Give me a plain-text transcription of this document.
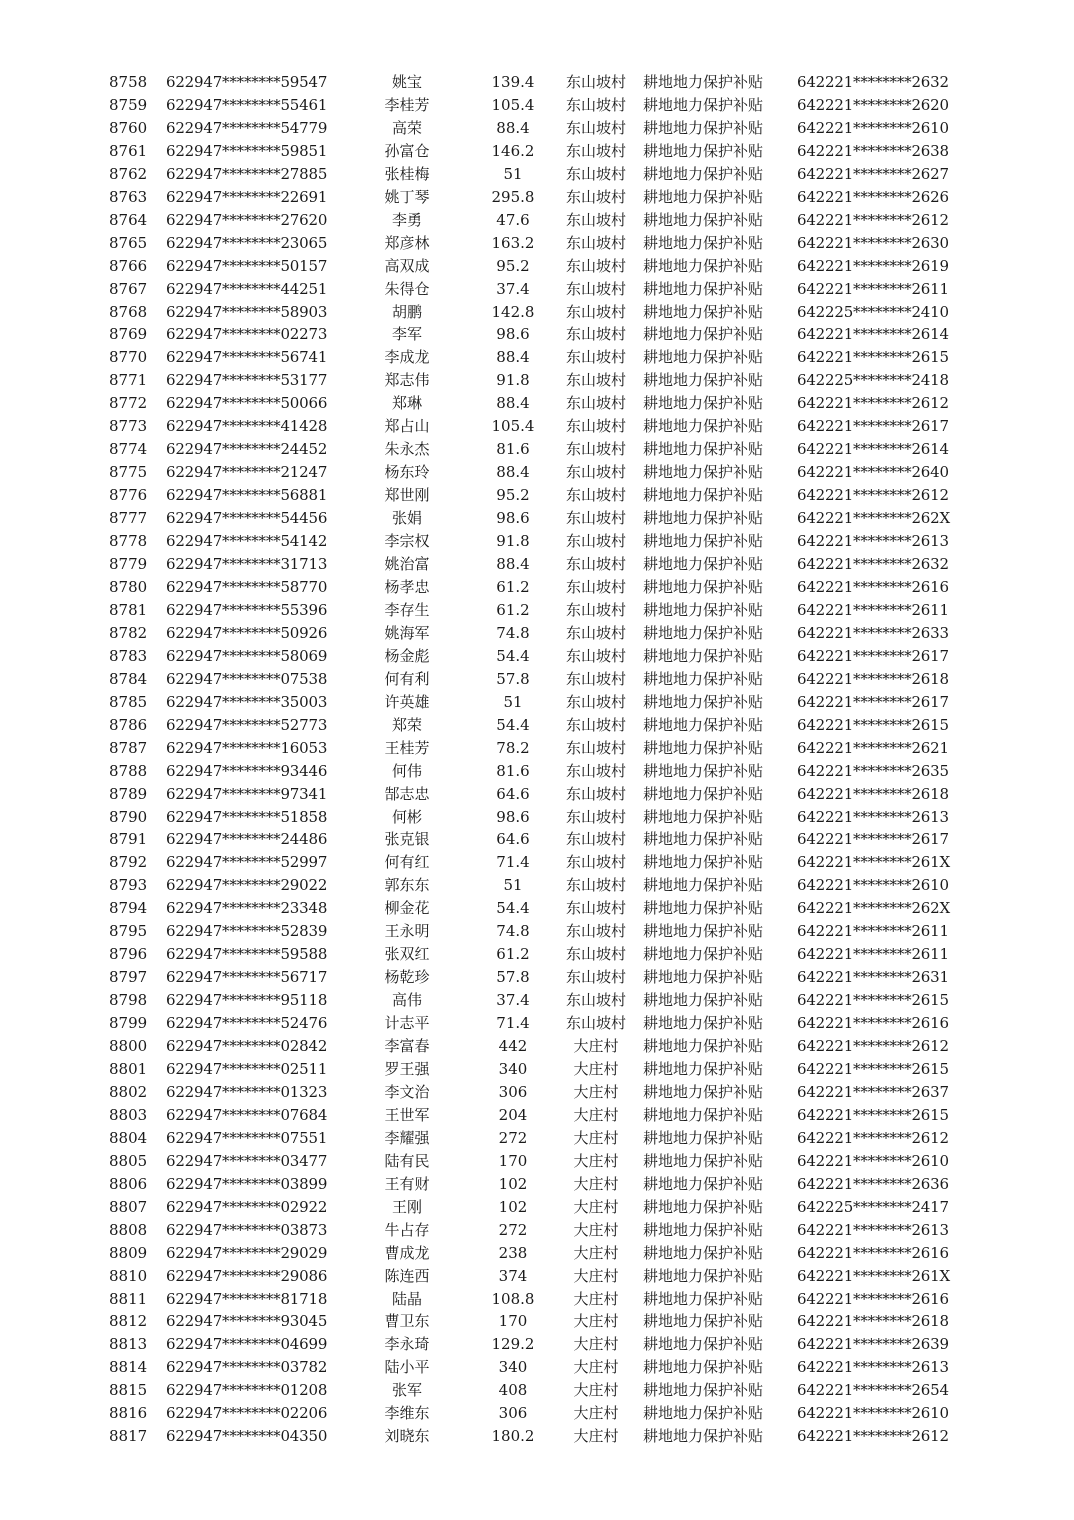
8758	622947********59547	姚宝	139.4	东山坡村	耕地地力保护补贴	642221********2632
8759	622947********55461	李桂芳	105.4	东山坡村	耕地地力保护补贴	642221********2620
8760	622947********54779	高荣	88.4	东山坡村	耕地地力保护补贴	642221********2610
8761	622947********59851	孙富仓	146.2	东山坡村	耕地地力保护补贴	642221********2638
8762	622947********27885	张桂梅	51	东山坡村	耕地地力保护补贴	642221********2627
8763	622947********22691	姚丁琴	295.8	东山坡村	耕地地力保护补贴	642221********2626
8764	622947********27620	李勇	47.6	东山坡村	耕地地力保护补贴	642221********2612
8765	622947********23065	郑彦林	163.2	东山坡村	耕地地力保护补贴	642221********2630
8766	622947********50157	高双成	95.2	东山坡村	耕地地力保护补贴	642221********2619
8767	622947********44251	朱得仓	37.4	东山坡村	耕地地力保护补贴	642221********2611
8768	622947********58903	胡鹏	142.8	东山坡村	耕地地力保护补贴	642225********2410
8769	622947********02273	李军	98.6	东山坡村	耕地地力保护补贴	642221********2614
8770	622947********56741	李成龙	88.4	东山坡村	耕地地力保护补贴	642221********2615
8771	622947********53177	郑志伟	91.8	东山坡村	耕地地力保护补贴	642225********2418
8772	622947********50066	郑琳	88.4	东山坡村	耕地地力保护补贴	642221********2612
8773	622947********41428	郑占山	105.4	东山坡村	耕地地力保护补贴	642221********2617
8774	622947********24452	朱永杰	81.6	东山坡村	耕地地力保护补贴	642221********2614
8775	622947********21247	杨东玲	88.4	东山坡村	耕地地力保护补贴	642221********2640
8776	622947********56881	郑世刚	95.2	东山坡村	耕地地力保护补贴	642221********2612
8777	622947********54456	张娟	98.6	东山坡村	耕地地力保护补贴	642221********262X
8778	622947********54142	李宗权	91.8	东山坡村	耕地地力保护补贴	642221********2613
8779	622947********31713	姚治富	88.4	东山坡村	耕地地力保护补贴	642221********2632
8780	622947********58770	杨孝忠	61.2	东山坡村	耕地地力保护补贴	642221********2616
8781	622947********55396	李存生	61.2	东山坡村	耕地地力保护补贴	642221********2611
8782	622947********50926	姚海军	74.8	东山坡村	耕地地力保护补贴	642221********2633
8783	622947********58069	杨金彪	54.4	东山坡村	耕地地力保护补贴	642221********2617
8784	622947********07538	何有利	57.8	东山坡村	耕地地力保护补贴	642221********2618
8785	622947********35003	许英雄	51	东山坡村	耕地地力保护补贴	642221********2617
8786	622947********52773	郑荣	54.4	东山坡村	耕地地力保护补贴	642221********2615
8787	622947********16053	王桂芳	78.2	东山坡村	耕地地力保护补贴	642221********2621
8788	622947********93446	何伟	81.6	东山坡村	耕地地力保护补贴	642221********2635
8789	622947********97341	郜志忠	64.6	东山坡村	耕地地力保护补贴	642221********2618
8790	622947********51858	何彬	98.6	东山坡村	耕地地力保护补贴	642221********2613
8791	622947********24486	张克银	64.6	东山坡村	耕地地力保护补贴	642221********2617
8792	622947********52997	何有红	71.4	东山坡村	耕地地力保护补贴	642221********261X
8793	622947********29022	郭东东	51	东山坡村	耕地地力保护补贴	642221********2610
8794	622947********23348	柳金花	54.4	东山坡村	耕地地力保护补贴	642221********262X
8795	622947********52839	王永明	74.8	东山坡村	耕地地力保护补贴	642221********2611
8796	622947********59588	张双红	61.2	东山坡村	耕地地力保护补贴	642221********2611
8797	622947********56717	杨乾珍	57.8	东山坡村	耕地地力保护补贴	642221********2631
8798	622947********95118	高伟	37.4	东山坡村	耕地地力保护补贴	642221********2615
8799	622947********52476	计志平	71.4	东山坡村	耕地地力保护补贴	642221********2616
8800	622947********02842	李富春	442	大庄村	耕地地力保护补贴	642221********2612
8801	622947********02511	罗王强	340	大庄村	耕地地力保护补贴	642221********2615
8802	622947********01323	李文治	306	大庄村	耕地地力保护补贴	642221********2637
8803	622947********07684	王世军	204	大庄村	耕地地力保护补贴	642221********2615
8804	622947********07551	李耀强	272	大庄村	耕地地力保护补贴	642221********2612
8805	622947********03477	陆有民	170	大庄村	耕地地力保护补贴	642221********2610
8806	622947********03899	王有财	102	大庄村	耕地地力保护补贴	642221********2636
8807	622947********02922	王刚	102	大庄村	耕地地力保护补贴	642225********2417
8808	622947********03873	牛占存	272	大庄村	耕地地力保护补贴	642221********2613
8809	622947********29029	曹成龙	238	大庄村	耕地地力保护补贴	642221********2616
8810	622947********29086	陈连西	374	大庄村	耕地地力保护补贴	642221********261X
8811	622947********81718	陆晶	108.8	大庄村	耕地地力保护补贴	642221********2616
8812	622947********93045	曹卫东	170	大庄村	耕地地力保护补贴	642221********2618
8813	622947********04699	李永琦	129.2	大庄村	耕地地力保护补贴	642221********2639
8814	622947********03782	陆小平	340	大庄村	耕地地力保护补贴	642221********2613
8815	622947********01208	张军	408	大庄村	耕地地力保护补贴	642221********2654
8816	622947********02206	李维东	306	大庄村	耕地地力保护补贴	642221********2610
8817	622947********04350	刘晓东	180.2	大庄村	耕地地力保护补贴	642221********2612
